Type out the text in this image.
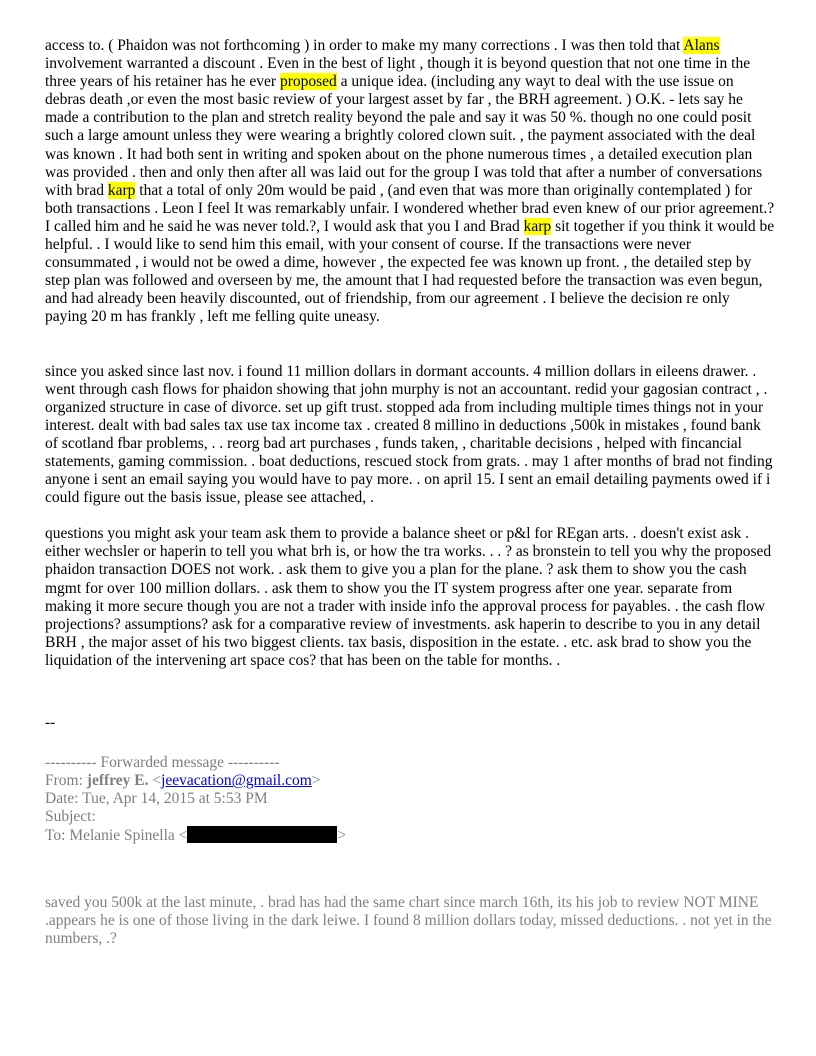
access to. ( Phaidon was not forthcoming ) in order to make my many corrections . I was then told that Alans involvement warranted a discount . Even in the best of light , though it is beyond question that not one time in the three years of his retainer has he ever proposed a unique idea. (including any wayt to deal with the use issue on debras death ,or even the most basic review of your largest asset by far , the BRH agreement. ) O.K. - lets say he made a contribution to the plan and stretch reality beyond the pale and say it was 50 %. though no one could posit such a large amount unless they were wearing a brightly colored clown suit. , the payment associated with the deal was known . It had both sent in writing and spoken about on the phone numerous times , a detailed execution plan was provided . then and only then after all was laid out for the group I was told that after a number of conversations with brad karp that a total of only 20m would be paid , (and even that was more than originally contemplated ) for both transactions . Leon I feel It was remarkably unfair. I wondered whether brad even knew of our prior agreement.? I called him and he said he was never told.?, I would ask that you I and Brad karp sit together if you think it would be helpful. . I would like to send him this email, with your consent of course. If the transactions were never consummated , i would not be owed a dime, however , the expected fee was known up front. , the detailed step by step plan was followed and overseen by me, the amount that I had requested before the transaction was even begun, and had already been heavily discounted, out of friendship, from our agreement . I believe the decision re only paying 20 m has frankly , left me felling quite uneasy.

since you asked since last nov. i found 11 million dollars in dormant accounts. 4 million dollars in eileens drawer. . went through cash flows for phaidon showing that john murphy is not an accountant. redid your gagosian contract , . organized structure in case of divorce. set up gift trust. stopped ada from including multiple times things not in your interest. dealt with bad sales tax use tax income tax . created 8 millino in deductions ,500k in mistakes , found bank of scotland fbar problems, . . reorg bad art purchases , funds taken, , charitable decisions , helped with fincancial statements, gaming commission. . boat deductions, rescued stock from grats. . may 1 after months of brad not finding anyone i sent an email saying you would have to pay more. . on april 15. I sent an email detailing payments owed if i could figure out the basis issue, please see attached, .

questions you might ask your team ask them to provide a balance sheet or p&l for REgan arts. . doesn't exist ask . either wechsler or haperin to tell you what brh is, or how the tra works. . . ? as bronstein to tell you why the proposed phaidon transaction DOES not work. . ask them to give you a plan for the plane. ? ask them to show you the cash mgmt for over 100 million dollars. . ask them to show you the IT system progress after one year. separate from making it more secure though you are not a trader with inside info the approval process for payables. . the cash flow projections? assumptions? ask for a comparative review of investments. ask haperin to describe to you in any detail BRH , the major asset of his two biggest clients. tax basis, disposition in the estate. . etc. ask brad to show you the liquidation of the intervening art space cos? that has been on the table for months. .

--
---------- Forwarded message ----------
From: jeffrey E. <jeevacation@gmail.com>
Date: Tue, Apr 14, 2015 at 5:53 PM
Subject:
To: Melanie Spinella <	>

saved you 500k at the last minute, . brad has had the same chart since march 16th, its his job to review NOT MINE .appears he is one of those living in the dark leiwe. I found 8 million dollars today, missed deductions. . not yet in the numbers, .?
